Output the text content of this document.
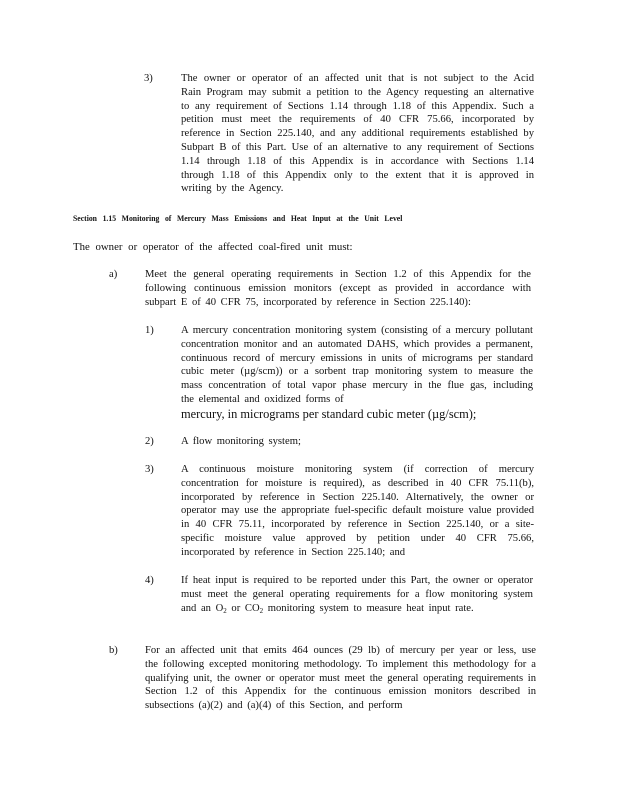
3)	The owner or operator of an affected unit that is not subject to the Acid Rain Program may submit a petition to the Agency requesting an alternative to any requirement of Sections 1.14 through 1.18 of this Appendix. Such a petition must meet the requirements of 40 CFR 75.66, incorporated by reference in Section 225.140, and any additional requirements established by Subpart B of this Part. Use of an alternative to any requirement of Sections 1.14 through 1.18 of this Appendix is in accordance with Sections 1.14 through 1.18 of this Appendix only to the extent that it is approved in writing by the Agency.
Section 1.15 Monitoring of Mercury Mass Emissions and Heat Input at the Unit Level
The owner or operator of the affected coal-fired unit must:
a)	Meet the general operating requirements in Section 1.2 of this Appendix for the following continuous emission monitors (except as provided in accordance with subpart E of 40 CFR 75, incorporated by reference in Section 225.140):
1)	A mercury concentration monitoring system (consisting of a mercury pollutant concentration monitor and an automated DAHS, which provides a permanent, continuous record of mercury emissions in units of micrograms per standard cubic meter (µg/scm)) or a sorbent trap monitoring system to measure the mass concentration of total vapor phase mercury in the flue gas, including the elemental and oxidized forms of
mercury, in micrograms per standard cubic meter (µg/scm);
2)	A flow monitoring system;
3)	A continuous moisture monitoring system (if correction of mercury concentration for moisture is required), as described in 40 CFR 75.11(b), incorporated by reference in Section 225.140. Alternatively, the owner or operator may use the appropriate fuel-specific default moisture value provided in 40 CFR 75.11, incorporated by reference in Section 225.140, or a site-specific moisture value approved by petition under 40 CFR 75.66, incorporated by reference in Section 225.140; and
4)	If heat input is required to be reported under this Part, the owner or operator must meet the general operating requirements for a flow monitoring system and an $O_2$ or $CO_2$ monitoring system to measure heat input rate.
b)	For an affected unit that emits 464 ounces (29 lb) of mercury per year or less, use the following excepted monitoring methodology. To implement this methodology for a qualifying unit, the owner or operator must meet the general operating requirements in Section 1.2 of this Appendix for the continuous emission monitors described in subsections (a)(2) and (a)(4) of this Section, and perform
